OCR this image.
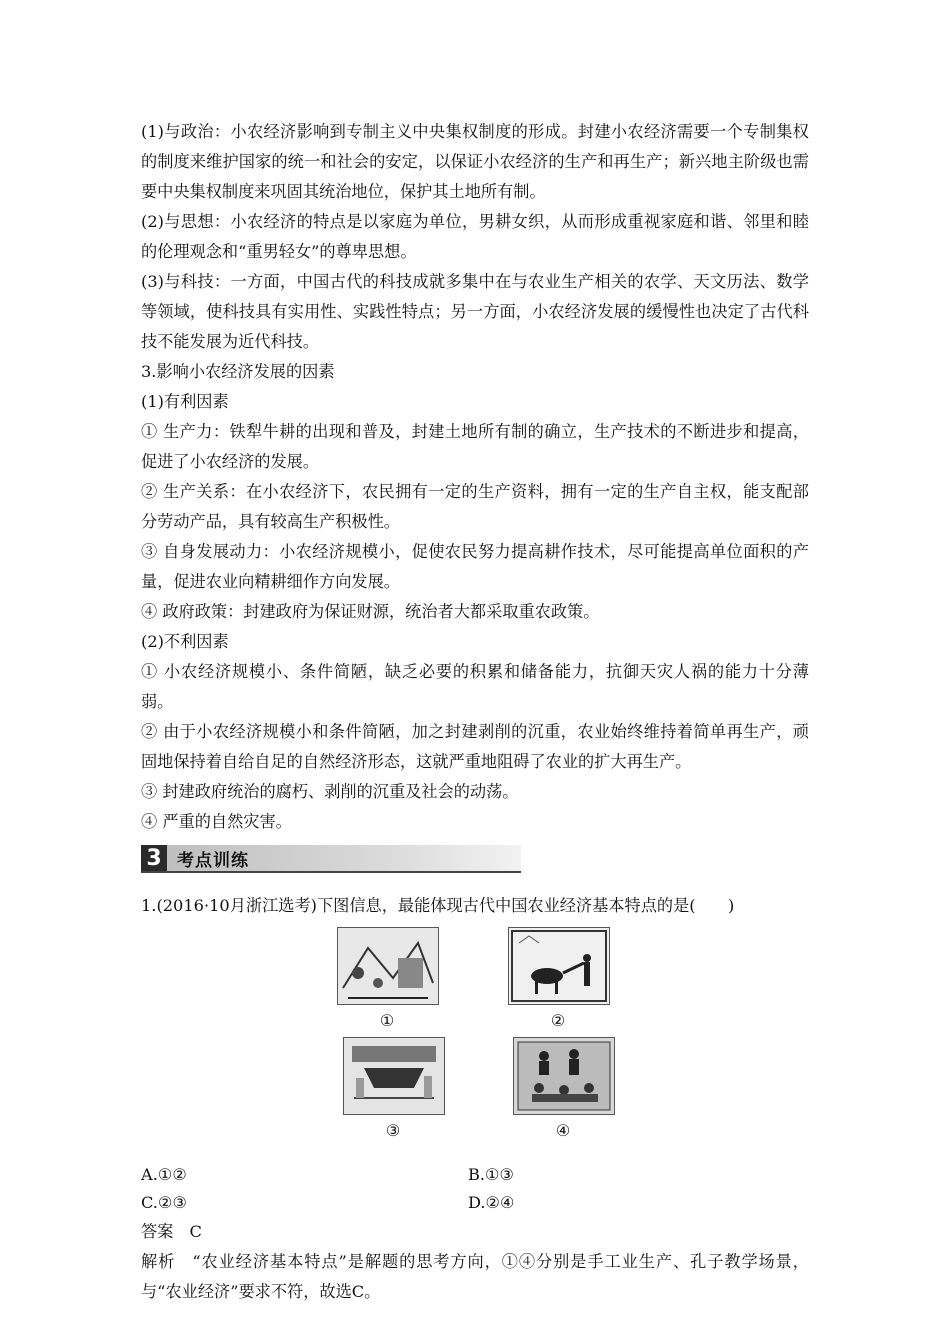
(1)与政治：小农经济影响到专制主义中央集权制度的形成。封建小农经济需要一个专制集权的制度来维护国家的统一和社会的安定，以保证小农经济的生产和再生产；新兴地主阶级也需要中央集权制度来巩固其统治地位，保护其土地所有制。

(2)与思想：小农经济的特点是以家庭为单位，男耕女织，从而形成重视家庭和谐、邻里和睦的伦理观念和“重男轻女”的尊卑思想。

(3)与科技：一方面，中国古代的科技成就多集中在与农业生产相关的农学、天文历法、数学等领域，使科技具有实用性、实践性特点；另一方面，小农经济发展的缓慢性也决定了古代科技不能发展为近代科技。

3.影响小农经济发展的因素

(1)有利因素

① 生产力：铁犁牛耕的出现和普及，封建土地所有制的确立，生产技术的不断进步和提高，促进了小农经济的发展。

② 生产关系：在小农经济下，农民拥有一定的生产资料，拥有一定的生产自主权，能支配部分劳动产品，具有较高生产积极性。

③ 自身发展动力：小农经济规模小，促使农民努力提高耕作技术，尽可能提高单位面积的产量，促进农业向精耕细作方向发展。

④ 政府政策：封建政府为保证财源，统治者大都采取重农政策。

(2)不利因素

① 小农经济规模小、条件简陋，缺乏必要的积累和储备能力，抗御天灾人祸的能力十分薄弱。

② 由于小农经济规模小和条件简陋，加之封建剥削的沉重，农业始终维持着简单再生产，顽固地保持着自给自足的自然经济形态，这就严重地阻碍了农业的扩大再生产。

③ 封建政府统治的腐朽、剥削的沉重及社会的动荡。

④ 严重的自然灾害。

3 考点训练

1.(2016·10月浙江选考)下图信息，最能体现古代中国农业经济基本特点的是(　　)

①	②
③	④
A.①②	B.①③
C.②③	D.②④

答案　C

解析　“农业经济基本特点”是解题的思考方向，①④分别是手工业生产、孔子教学场景，与“农业经济”要求不符，故选C。
